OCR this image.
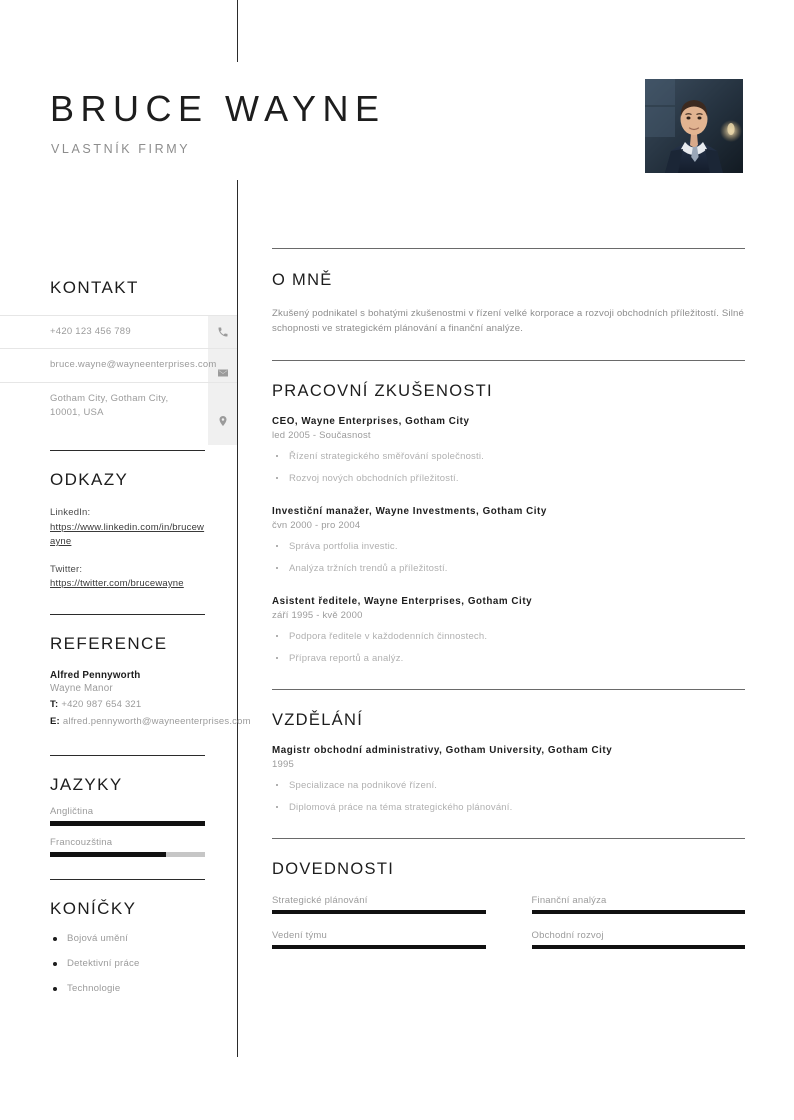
BRUCE WAYNE
VLASTNÍK FIRMY
KONTAKT
+420 123 456 789
bruce.wayne@wayneenterprises.com
Gotham City, Gotham City, 10001, USA
ODKAZY
LinkedIn:
https://www.linkedin.com/in/brucewayne
Twitter:
https://twitter.com/brucewayne
REFERENCE
Alfred Pennyworth
Wayne Manor
T: +420 987 654 321
E: alfred.pennyworth@wayneenterprises.com
JAZYKY
Angličtina
Francouzština
KONÍČKY
Bojová umění
Detektivní práce
Technologie
O MNĚ
Zkušený podnikatel s bohatými zkušenostmi v řízení velké korporace a rozvoji obchodních příležitostí. Silné schopnosti ve strategickém plánování a finanční analýze.
PRACOVNÍ ZKUŠENOSTI
CEO, Wayne Enterprises, Gotham City
led 2005 - Současnost
Řízení strategického směřování společnosti.
Rozvoj nových obchodních příležitostí.
Investiční manažer, Wayne Investments, Gotham City
čvn 2000 - pro 2004
Správa portfolia investic.
Analýza tržních trendů a příležitostí.
Asistent ředitele, Wayne Enterprises, Gotham City
září 1995 - kvě 2000
Podpora ředitele v každodenních činnostech.
Příprava reportů a analýz.
VZDĚLÁNÍ
Magistr obchodní administrativy, Gotham University, Gotham City
1995
Specializace na podnikové řízení.
Diplomová práce na téma strategického plánování.
DOVEDNOSTI
Strategické plánování	Finanční analýza
Vedení týmu	Obchodní rozvoj
